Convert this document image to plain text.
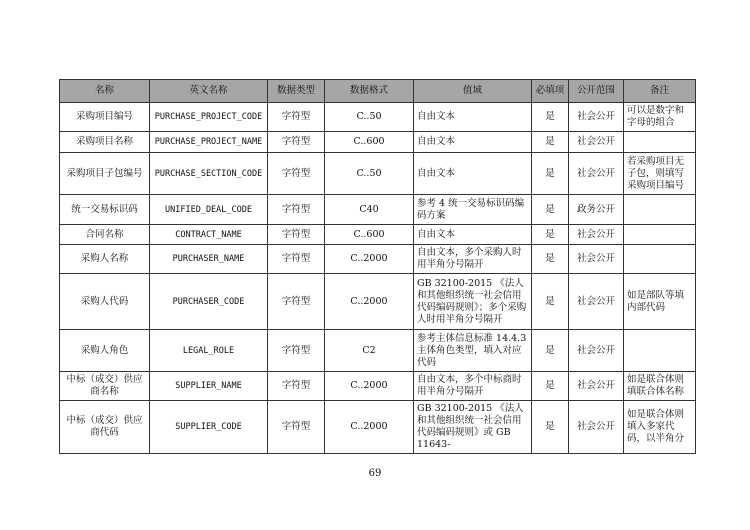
名称	英文名称	数据类型	数据格式	值域	必填项	公开范围	备注
采购项目编号	PURCHASE_PROJECT_CODE	字符型	C..50	自由文本	是	社会公开	可以是数字和字母的组合
采购项目名称	PURCHASE_PROJECT_NAME	字符型	C..600	自由文本	是	社会公开	
采购项目子包编号	PURCHASE_SECTION_CODE	字符型	C..50	自由文本	是	社会公开	若采购项目无子包，则填写采购项目编号
统一交易标识码	UNIFIED_DEAL_CODE	字符型	C40	参考 4 统一交易标识码编码方案	是	政务公开	
合同名称	CONTRACT_NAME	字符型	C..600	自由文本	是	社会公开	
采购人名称	PURCHASER_NAME	字符型	C..2000	自由文本，多个采购人时用半角分号隔开	是	社会公开	
采购人代码	PURCHASER_CODE	字符型	C..2000	GB 32100-2015 《法人和其他组织统一社会信用代码编码规则》；多个采购人时用半角分号隔开	是	社会公开	如是部队等填内部代码
采购人角色	LEGAL_ROLE	字符型	C2	参考主体信息标准 14.4.3 主体角色类型，填入对应代码	是	社会公开	
中标（成交）供应商名称	SUPPLIER_NAME	字符型	C..2000	自由文本，多个中标商时用半角分号隔开	是	社会公开	如是联合体则填联合体名称
中标（成交）供应商代码	SUPPLIER_CODE	字符型	C..2000	GB 32100-2015 《法人和其他组织统一社会信用代码编码规则》或 GB 11643-	是	社会公开	如是联合体则填入多家代码，以半角分
69
